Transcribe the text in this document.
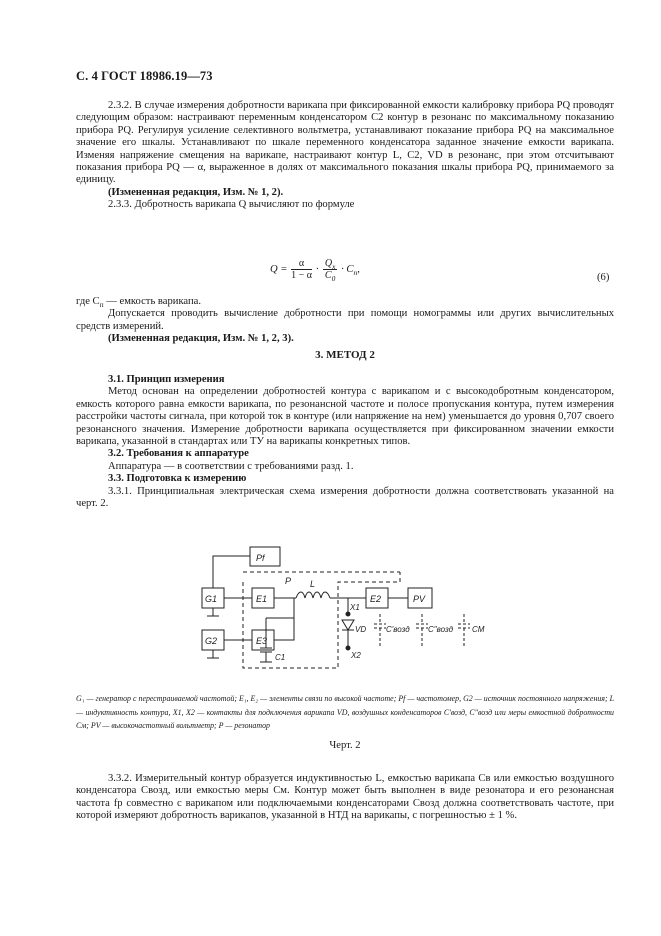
С. 4 ГОСТ 18986.19—73

2.3.2. В случае измерения добротности варикапа при фиксированной емкости калибровку прибора PQ проводят следующим образом: настраивают переменным конденсатором C2 контур в резонанс по максимальному показанию прибора PQ. Регулируя усиление селективного вольтметра, устанавливают показание прибора PQ на максимальное значение его шкалы. Устанавливают по шкале переменного конденсатора заданное значение емкости варикапа. Изменяя напряжение смещения на варикапе, настраивают контур L, C2, VD в резонанс, при этом отсчитывают показания прибора PQ — α, выраженное в долях от максимального показания шкалы прибора PQ, принимаемого за единицу.

(Измененная редакция, Изм. № 1, 2).

2.3.3. Добротность варикапа Q вычисляют по формуле

$Q = \frac{\alpha}{1 - \alpha} \cdot \frac{Q_x}{C_0} \cdot C_п$,
(6)

где $C_п$ — емкость варикапа.

Допускается проводить вычисление добротности при помощи номограммы или других вычислительных средств измерений.

(Измененная редакция, Изм. № 1, 2, 3).

3. МЕТОД 2

3.1. Принцип измерения

Метод основан на определении добротностей контура с варикапом и с высокодобротным конденсатором, емкость которого равна емкости варикапа, по резонансной частоте и полосе пропускания контура, путем измерения расстройки частоты сигнала, при которой ток в контуре (или напряжение на нем) уменьшается до уровня 0,707 своего резонансного значения. Измерение добротности варикапа осуществляется при фиксированном значении емкости варикапа, указанной в стандартах или ТУ на варикапы конкретных типов.

3.2. Требования к аппаратуре

Аппаратура — в соответствии с требованиями разд. 1.

3.3. Подготовка к измерению

3.3.1. Принципиальная электрическая схема измерения добротности должна соответствовать указанной на черт. 2.

Pf
G1
G2
E1
E3
E2	PV
P L
C1
X1
VD
X2
C'возд C"возд CM
G₁ — генератор с перестраиваемой частотой; E₁, E₂ — элементы связи по высокой частоте; Pf — частотомер, G2 — источник постоянного напряжения; L — индуктивность контура, X1, X2 — контакты для подключения варикапа VD, воздушных конденсаторов C'возд, C"возд или меры емкостной добротности Cм; PV — высокочастотный вольтметр; P — резонатор
Черт. 2

3.3.2. Измерительный контур образуется индуктивностью L, емкостью варикапа Cв или емкостью воздушного конденсатора Cвозд, или емкостью меры Cм. Контур может быть выполнен в виде резонатора и его резонансная частота fр совместно с варикапом или подключаемыми конденсаторами Cвозд должна соответствовать частоте, при которой измеряют добротность варикапов, указанной в НТД на варикапы, с погрешностью ± 1 %.
